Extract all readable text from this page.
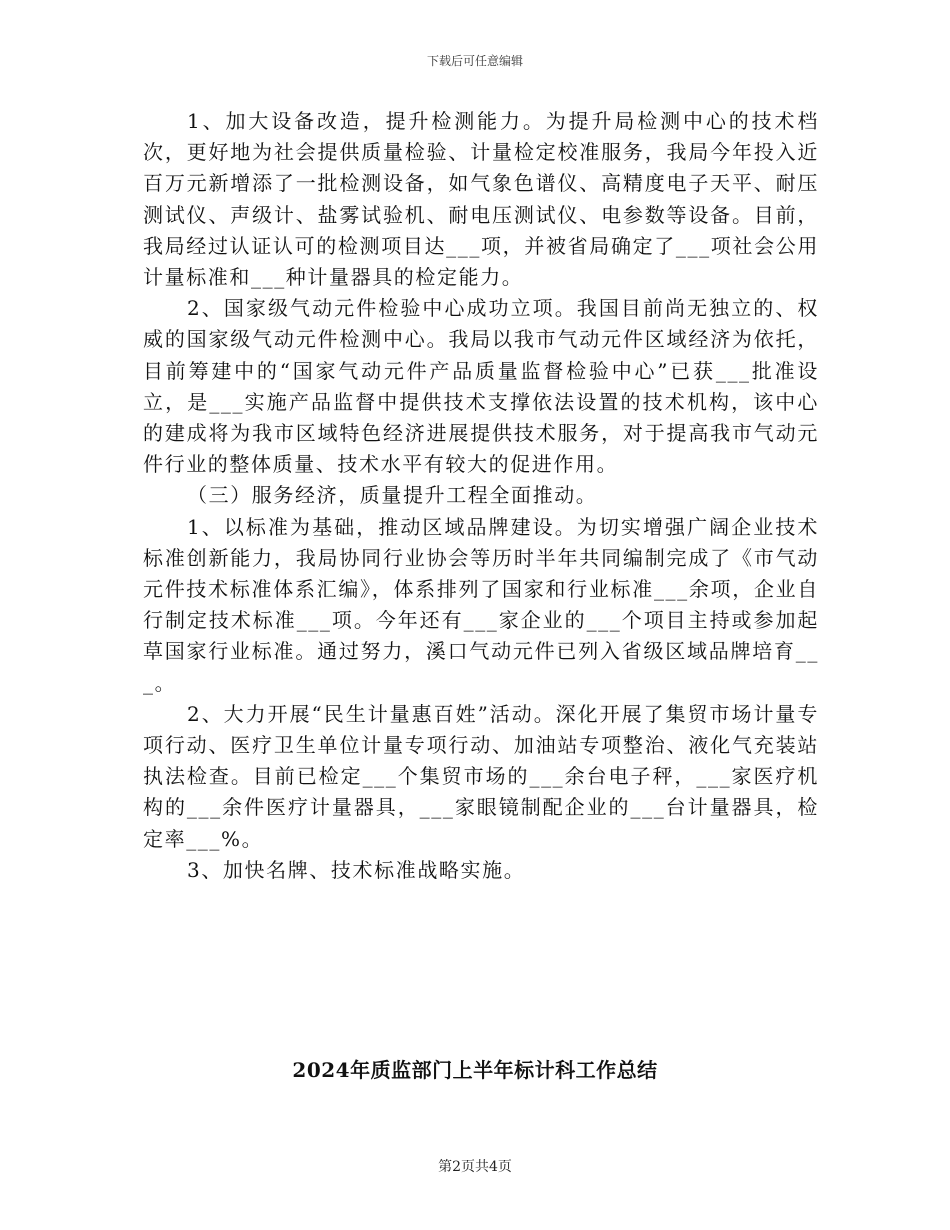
下载后可任意编辑

1、加大设备改造，提升检测能力。为提升局检测中心的技术档次，更好地为社会提供质量检验、计量检定校准服务，我局今年投入近百万元新增添了一批检测设备，如气象色谱仪、高精度电子天平、耐压测试仪、声级计、盐雾试验机、耐电压测试仪、电参数等设备。目前，我局经过认证认可的检测项目达___项，并被省局确定了___项社会公用计量标准和___种计量器具的检定能力。

2、国家级气动元件检验中心成功立项。我国目前尚无独立的、权威的国家级气动元件检测中心。我局以我市气动元件区域经济为依托，目前筹建中的“国家气动元件产品质量监督检验中心”已获___批准设立，是___实施产品监督中提供技术支撑依法设置的技术机构，该中心的建成将为我市区域特色经济进展提供技术服务，对于提高我市气动元件行业的整体质量、技术水平有较大的促进作用。

（三）服务经济，质量提升工程全面推动。

1、以标准为基础，推动区域品牌建设。为切实增强广阔企业技术标准创新能力，我局协同行业协会等历时半年共同编制完成了《市气动元件技术标准体系汇编》，体系排列了国家和行业标准___余项，企业自行制定技术标准___项。今年还有___家企业的___个项目主持或参加起草国家行业标准。通过努力，溪口气动元件已列入省级区域品牌培育___。

2、大力开展“民生计量惠百姓”活动。深化开展了集贸市场计量专项行动、医疗卫生单位计量专项行动、加油站专项整治、液化气充装站执法检查。目前已检定___个集贸市场的___余台电子秤，___家医疗机构的___余件医疗计量器具，___家眼镜制配企业的___台计量器具，检定率___%。

3、加快名牌、技术标准战略实施。

2024年质监部门上半年标计科工作总结
第2页共4页
